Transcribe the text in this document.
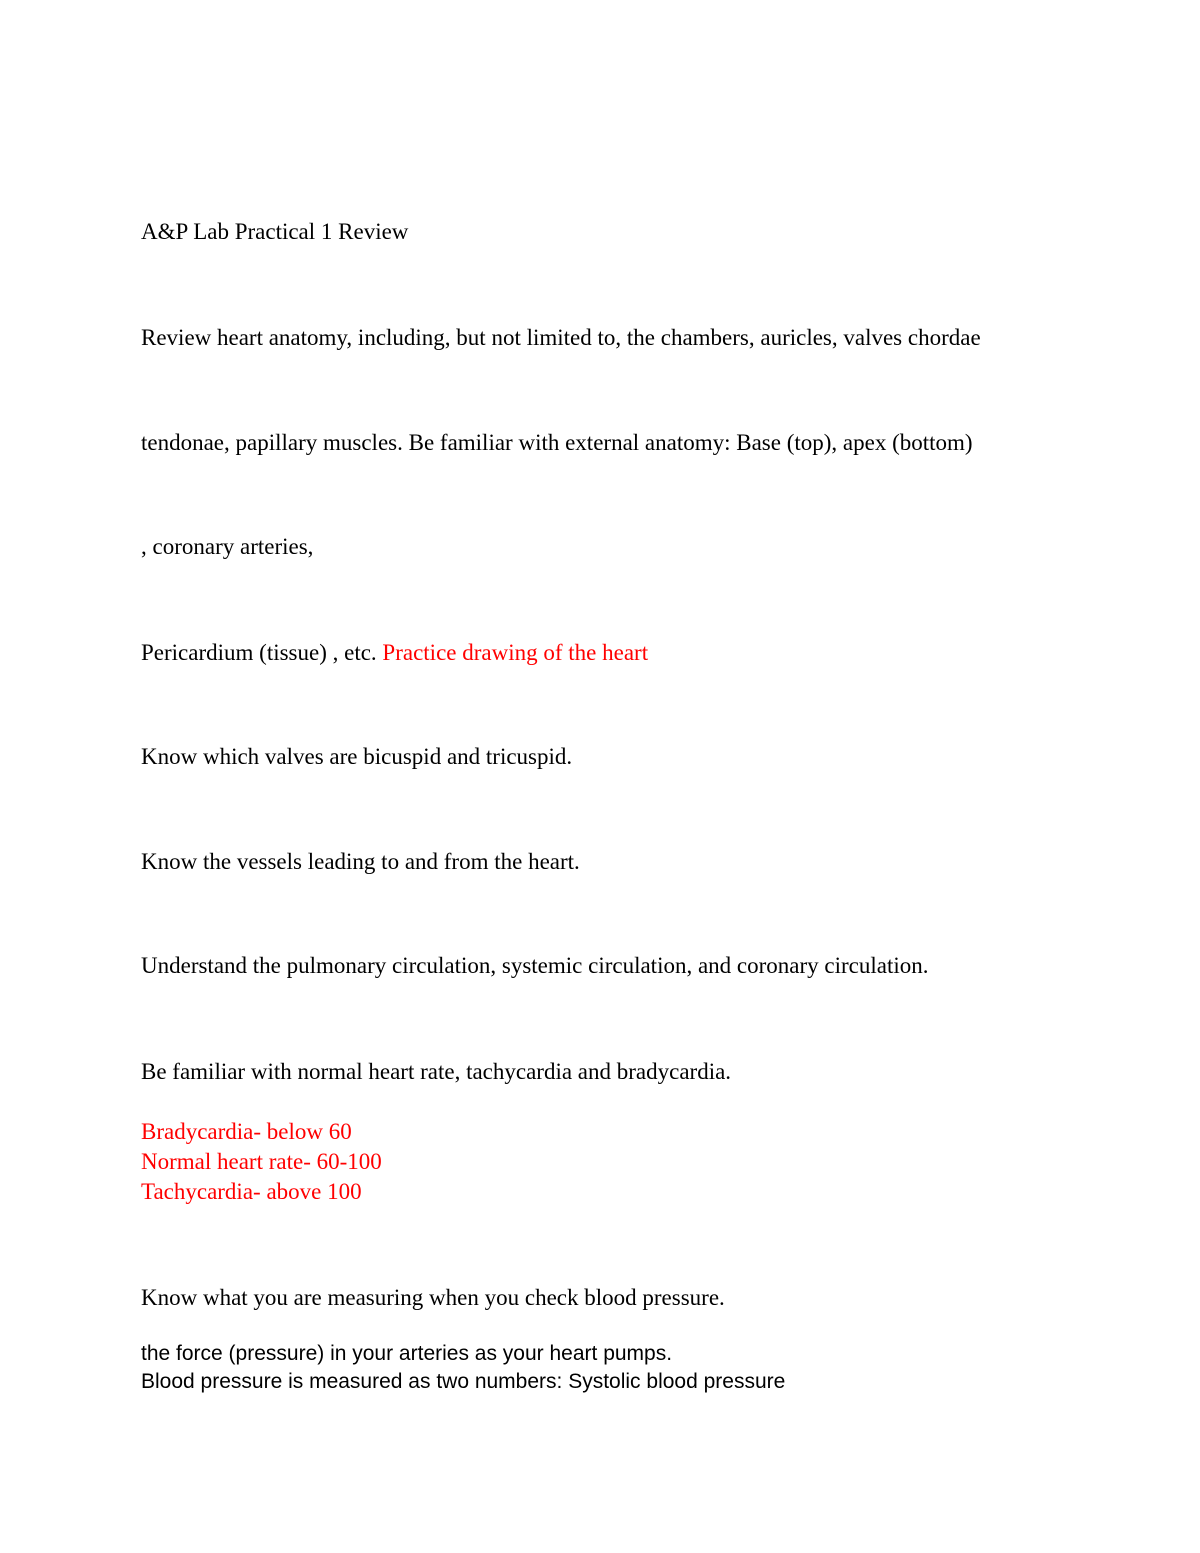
A&P Lab Practical 1 Review

Review heart anatomy, including, but not limited to, the chambers, auricles, valves chordae

tendonae, papillary muscles. Be familiar with external anatomy: Base (top), apex (bottom)

, coronary arteries,

Pericardium (tissue) , etc. Practice drawing of the heart

Know which valves are bicuspid and tricuspid.

Know the vessels leading to and from the heart.

Understand the pulmonary circulation, systemic circulation, and coronary circulation.

Be familiar with normal heart rate, tachycardia and bradycardia.

Bradycardia- below 60

Normal heart rate- 60-100

Tachycardia- above 100

Know what you are measuring when you check blood pressure.

the force (pressure) in your arteries as your heart pumps.

Blood pressure is measured as two numbers: Systolic blood pressure
